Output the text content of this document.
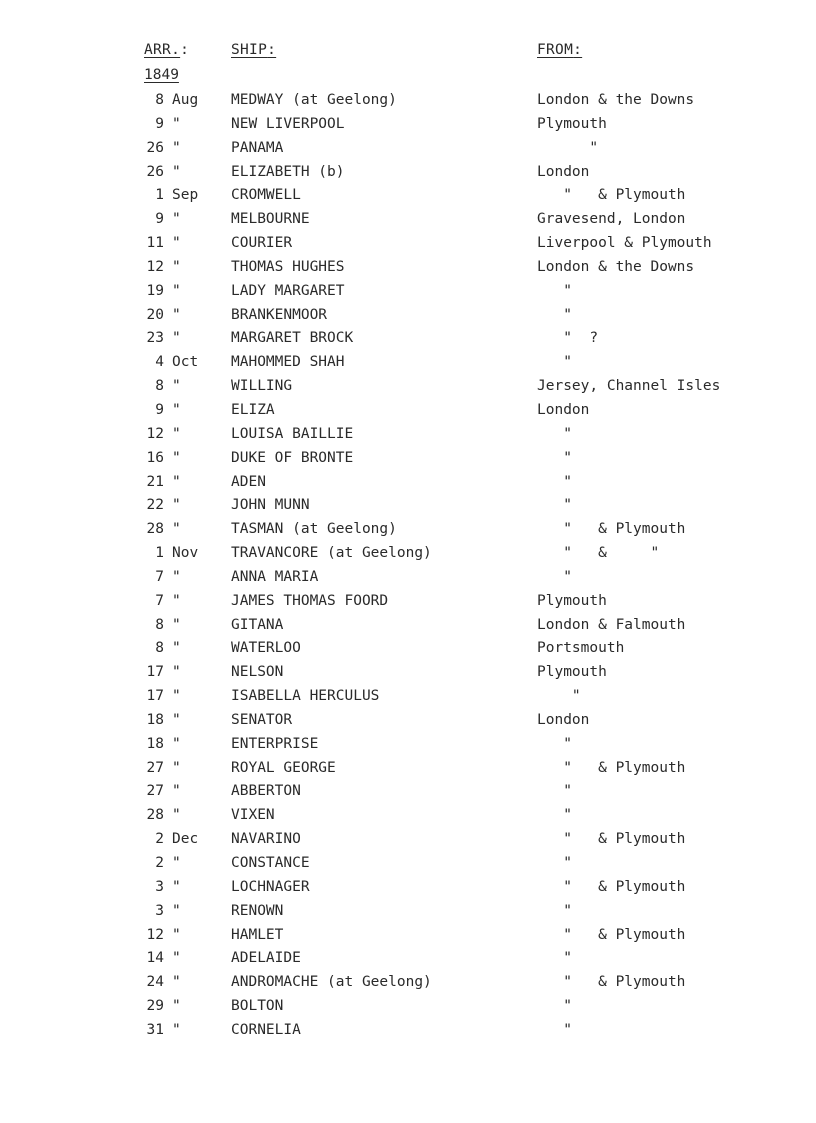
ARR.:	SHIP:	FROM:
1849
8 Aug	MEDWAY (at Geelong)	London & the Downs
9 "	NEW LIVERPOOL	Plymouth
26 "	PANAMA	"
26 "	ELIZABETH (b)	London
1 Sep	CROMWELL	"   & Plymouth
9 "	MELBOURNE	Gravesend, London
11 "	COURIER	Liverpool & Plymouth
12 "	THOMAS HUGHES	London & the Downs
19 "	LADY MARGARET	"
20 "	BRANKENMOOR	"
23 "	MARGARET BROCK	"  ?
4 Oct	MAHOMMED SHAH	"
8 "	WILLING	Jersey, Channel Isles
9 "	ELIZA	London
12 "	LOUISA BAILLIE	"
16 "	DUKE OF BRONTE	"
21 "	ADEN	"
22 "	JOHN MUNN	"
28 "	TASMAN (at Geelong)	"   & Plymouth
1 Nov	TRAVANCORE (at Geelong)	"   &     "
7 "	ANNA MARIA	"
7 "	JAMES THOMAS FOORD	Plymouth
8 "	GITANA	London & Falmouth
8 "	WATERLOO	Portsmouth
17 "	NELSON	Plymouth
17 "	ISABELLA HERCULUS	"
18 "	SENATOR	London
18 "	ENTERPRISE	"
27 "	ROYAL GEORGE	"   & Plymouth
27 "	ABBERTON	"
28 "	VIXEN	"
2 Dec	NAVARINO	"   & Plymouth
2 "	CONSTANCE	"
3 "	LOCHNAGER	"   & Plymouth
3 "	RENOWN	"
12 "	HAMLET	"   & Plymouth
14 "	ADELAIDE	"
24 "	ANDROMACHE (at Geelong)	"   & Plymouth
29 "	BOLTON	"
31 "	CORNELIA	"
